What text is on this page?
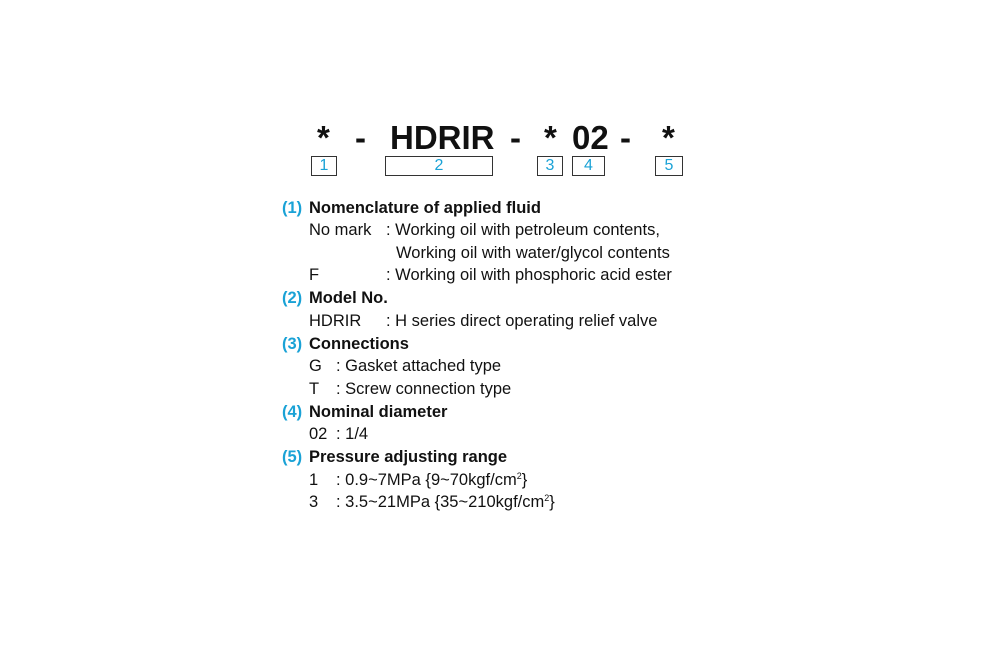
* - HDRIR - * 02 - *
1	2	3	4	5
(1) Nomenclature of applied fluid
No mark : Working oil with petroleum contents,
Working oil with water/glycol contents
F	: Working oil with phosphoric acid ester
(2) Model No.
HDRIR	: H series direct operating relief valve
(3) Connections
G : Gasket attached type
T	: Screw connection type
(4) Nominal diameter
02 : 1/4
(5) Pressure adjusting range
1	: 0.9~7MPa $\{9\sim 70kgf/cm^2\}$
3	: 3.5~21MPa $\{35\sim 210kgf/cm^2\}$
